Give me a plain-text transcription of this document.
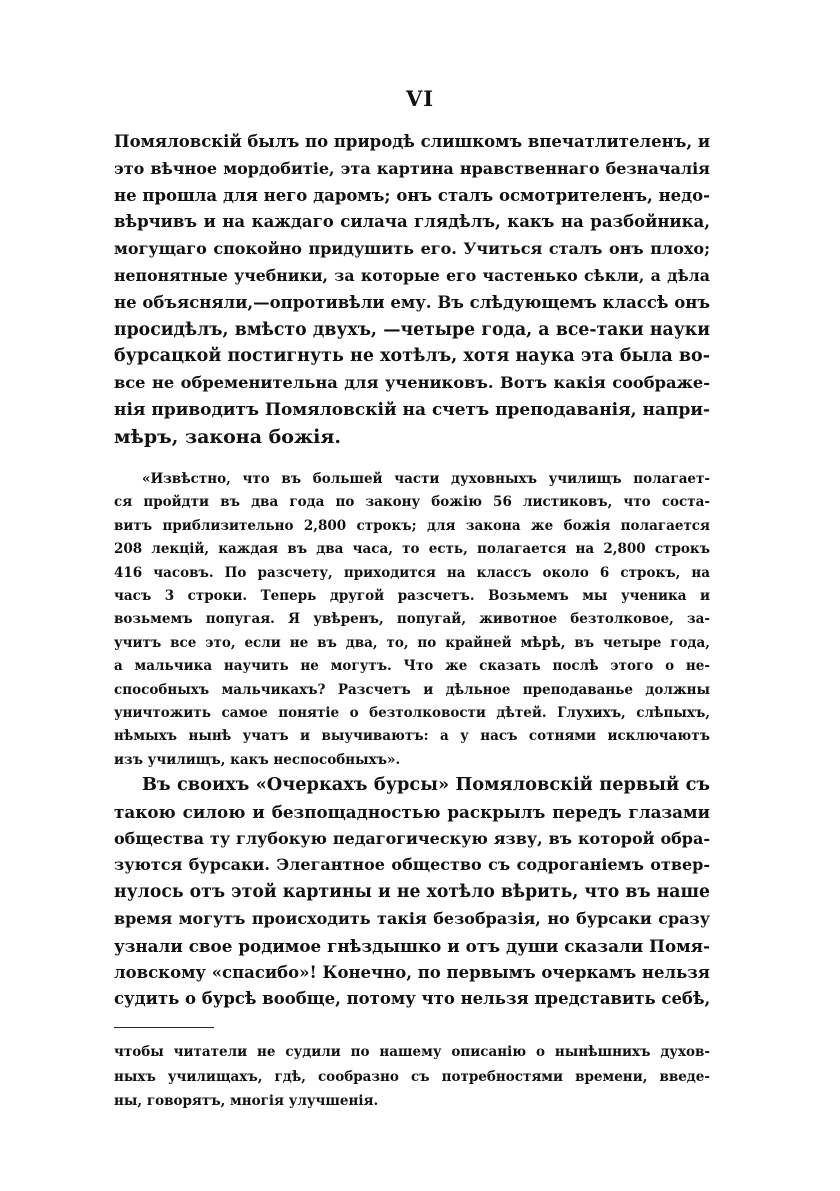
VI
Помяловскій былъ по природѣ слишкомъ впечатлителенъ, и
это вѣчное мордобитіе, эта картина нравственнаго безначалія
не прошла для него даромъ; онъ сталъ осмотрителенъ, недо-
вѣрчивъ и на каждаго силача глядѣлъ, какъ на разбойника,
могущаго спокойно придушить его. Учиться сталъ онъ плохо;
непонятные учебники, за которые его частенько сѣкли, а дѣла
не объясняли,—опротивѣли ему. Въ слѣдующемъ классѣ онъ
просидѣлъ, вмѣсто двухъ, —четыре года, а все-таки науки
бурсацкой постигнуть не хотѣлъ, хотя наука эта была во-
все не обременительна для учениковъ. Вотъ какія соображе-
нія приводитъ Помяловскій на счетъ преподаванія, напри-
мѣръ, закона божія.
«Извѣстно, что въ большей части духовныхъ училищъ полагает-
ся пройдти въ два года по закону божію 56 листиковъ, что соста-
витъ приблизительно 2,800 строкъ; для закона же божія полагается
208 лекцій, каждая въ два часа, то есть, полагается на 2,800 строкъ
416 часовъ. По разсчету, приходится на классъ около 6 строкъ, на
часъ 3 строки. Теперь другой разсчетъ. Возьмемъ мы ученика и
возьмемъ попугая. Я увѣренъ, попугай, животное безтолковое, за-
учитъ все это, если не въ два, то, по крайней мѣрѣ, въ четыре года,
а мальчика научить не могутъ. Что же сказать послѣ этого о не-
способныхъ мальчикахъ? Разсчетъ и дѣльное преподаванье должны
уничтожить самое понятіе о безтолковости дѣтей. Глухихъ, слѣпыхъ,
нѣмыхъ нынѣ учатъ и выучиваютъ: а у насъ сотнями исключаютъ
изъ училищъ, какъ неспособныхъ».
Въ своихъ «Очеркахъ бурсы» Помяловскій первый съ
такою силою и безпощадностью раскрылъ передъ глазами
общества ту глубокую педагогическую язву, въ которой обра-
зуются бурсаки. Элегантное общество съ содроганіемъ отвер-
нулось отъ этой картины и не хотѣло вѣрить, что въ наше
время могутъ происходить такія безобразія, но бурсаки сразу
узнали свое родимое гнѣздышко и отъ души сказали Помя-
ловскому «спасибо»! Конечно, по первымъ очеркамъ нельзя
судить о бурсѣ вообще, потому что нельзя представить себѣ,
чтобы читатели не судили по нашему описанію о нынѣшнихъ духов-
ныхъ училищахъ, гдѣ, сообразно съ потребностями времени, введе-
ны, говорятъ, многія улучшенія.
